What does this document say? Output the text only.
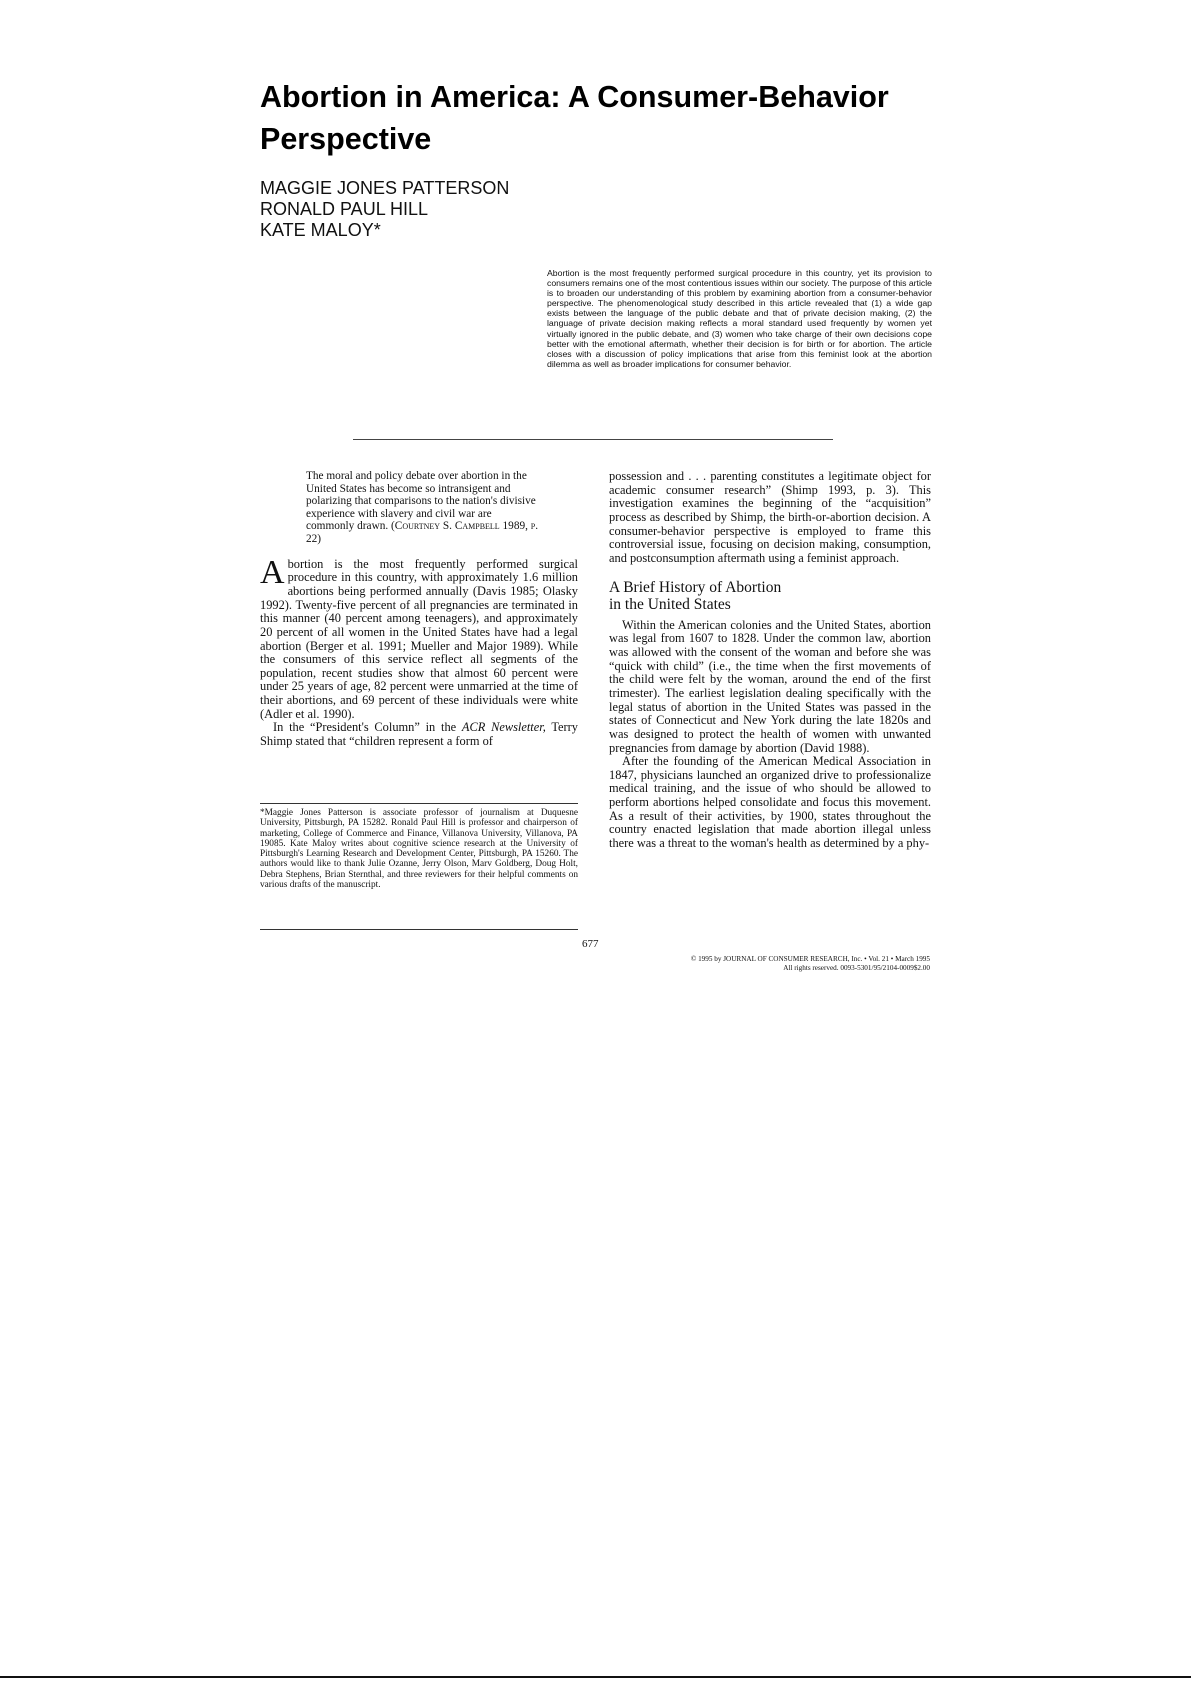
Abortion in America: A Consumer-Behavior Perspective
MAGGIE JONES PATTERSON
RONALD PAUL HILL
KATE MALOY*

Abortion is the most frequently performed surgical procedure in this country, yet its provision to consumers remains one of the most contentious issues within our society. The purpose of this article is to broaden our understanding of this problem by examining abortion from a consumer-behavior perspective. The phenomenological study described in this article revealed that (1) a wide gap exists between the language of the public debate and that of private decision making, (2) the language of private decision making reflects a moral standard used frequently by women yet virtually ignored in the public debate, and (3) women who take charge of their own decisions cope better with the emotional aftermath, whether their decision is for birth or for abortion. The article closes with a discussion of policy implications that arise from this feminist look at the abortion dilemma as well as broader implications for consumer behavior.

The moral and policy debate over abortion in the United States has become so intransigent and polarizing that comparisons to the nation's divisive experience with slavery and civil war are commonly drawn. (Courtney S. Campbell 1989, p. 22)

Abortion is the most frequently performed surgical procedure in this country, with approximately 1.6 million abortions being performed annually (Davis 1985; Olasky 1992). Twenty-five percent of all pregnancies are terminated in this manner (40 percent among teenagers), and approximately 20 percent of all women in the United States have had a legal abortion (Berger et al. 1991; Mueller and Major 1989). While the consumers of this service reflect all segments of the population, recent studies show that almost 60 percent were under 25 years of age, 82 percent were unmarried at the time of their abortions, and 69 percent of these individuals were white (Adler et al. 1990).

In the “President's Column” in the ACR Newsletter, Terry Shimp stated that “children represent a form of

*Maggie Jones Patterson is associate professor of journalism at Duquesne University, Pittsburgh, PA 15282. Ronald Paul Hill is professor and chairperson of marketing, College of Commerce and Finance, Villanova University, Villanova, PA 19085. Kate Maloy writes about cognitive science research at the University of Pittsburgh's Learning Research and Development Center, Pittsburgh, PA 15260. The authors would like to thank Julie Ozanne, Jerry Olson, Marv Goldberg, Doug Holt, Debra Stephens, Brian Sternthal, and three reviewers for their helpful comments on various drafts of the manuscript.

possession and . . . parenting constitutes a legitimate object for academic consumer research” (Shimp 1993, p. 3). This investigation examines the beginning of the “acquisition” process as described by Shimp, the birth-or-abortion decision. A consumer-behavior perspective is employed to frame this controversial issue, focusing on decision making, consumption, and postconsumption aftermath using a feminist approach.

A Brief History of Abortion
in the United States

Within the American colonies and the United States, abortion was legal from 1607 to 1828. Under the common law, abortion was allowed with the consent of the woman and before she was “quick with child” (i.e., the time when the first movements of the child were felt by the woman, around the end of the first trimester). The earliest legislation dealing specifically with the legal status of abortion in the United States was passed in the states of Connecticut and New York during the late 1820s and was designed to protect the health of women with unwanted pregnancies from damage by abortion (David 1988).

After the founding of the American Medical Association in 1847, physicians launched an organized drive to professionalize medical training, and the issue of who should be allowed to perform abortions helped consolidate and focus this movement. As a result of their activities, by 1900, states throughout the country enacted legislation that made abortion illegal unless there was a threat to the woman's health as determined by a phy-

677
© 1995 by JOURNAL OF CONSUMER RESEARCH, Inc. • Vol. 21 • March 1995
All rights reserved. 0093-5301/95/2104-0009$2.00
